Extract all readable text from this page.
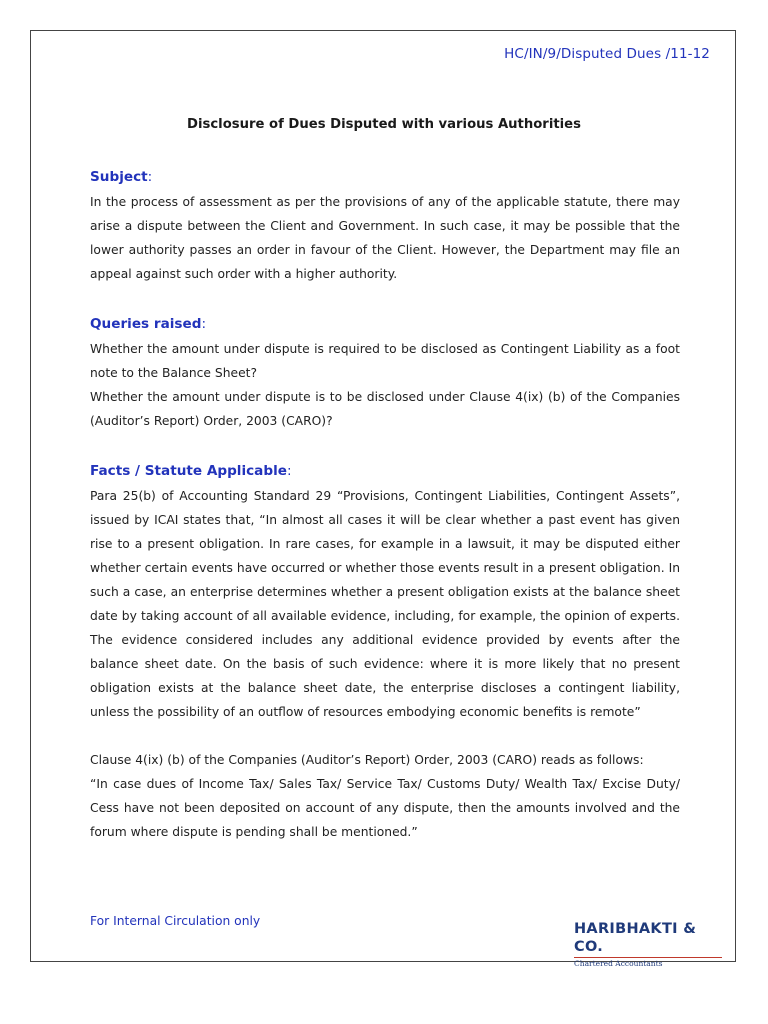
HC/IN/9/Disputed Dues /11-12
Disclosure of Dues Disputed with various Authorities
Subject:

In the process of assessment as per the provisions of any of the applicable statute, there may arise a dispute between the Client and Government. In such case, it may be possible that the lower authority passes an order in favour of the Client. However, the Department may file an appeal against such order with a higher authority.

Queries raised:

Whether the amount under dispute is required to be disclosed as Contingent Liability as a foot note to the Balance Sheet?

Whether the amount under dispute is to be disclosed under Clause 4(ix) (b) of the Companies (Auditor’s Report) Order, 2003 (CARO)?

Facts / Statute Applicable:

Para 25(b) of Accounting Standard 29 “Provisions, Contingent Liabilities, Contingent Assets”, issued by ICAI states that, “In almost all cases it will be clear whether a past event has given rise to a present obligation. In rare cases, for example in a lawsuit, it may be disputed either whether certain events have occurred or whether those events result in a present obligation. In such a case, an enterprise determines whether a present obligation exists at the balance sheet date by taking account of all available evidence, including, for example, the opinion of experts. The evidence considered includes any additional evidence provided by events after the balance sheet date. On the basis of such evidence: where it is more likely that no present obligation exists at the balance sheet date, the enterprise discloses a contingent liability, unless the possibility of an outflow of resources embodying economic benefits is remote”

Clause 4(ix) (b) of the Companies (Auditor’s Report) Order, 2003 (CARO) reads as follows:

“In case dues of Income Tax/ Sales Tax/ Service Tax/ Customs Duty/ Wealth Tax/ Excise Duty/ Cess have not been deposited on account of any dispute, then the amounts involved and the forum where dispute is pending shall be mentioned.”

For Internal Circulation only	HARIBHAKTI & CO.
Chartered Accountants
